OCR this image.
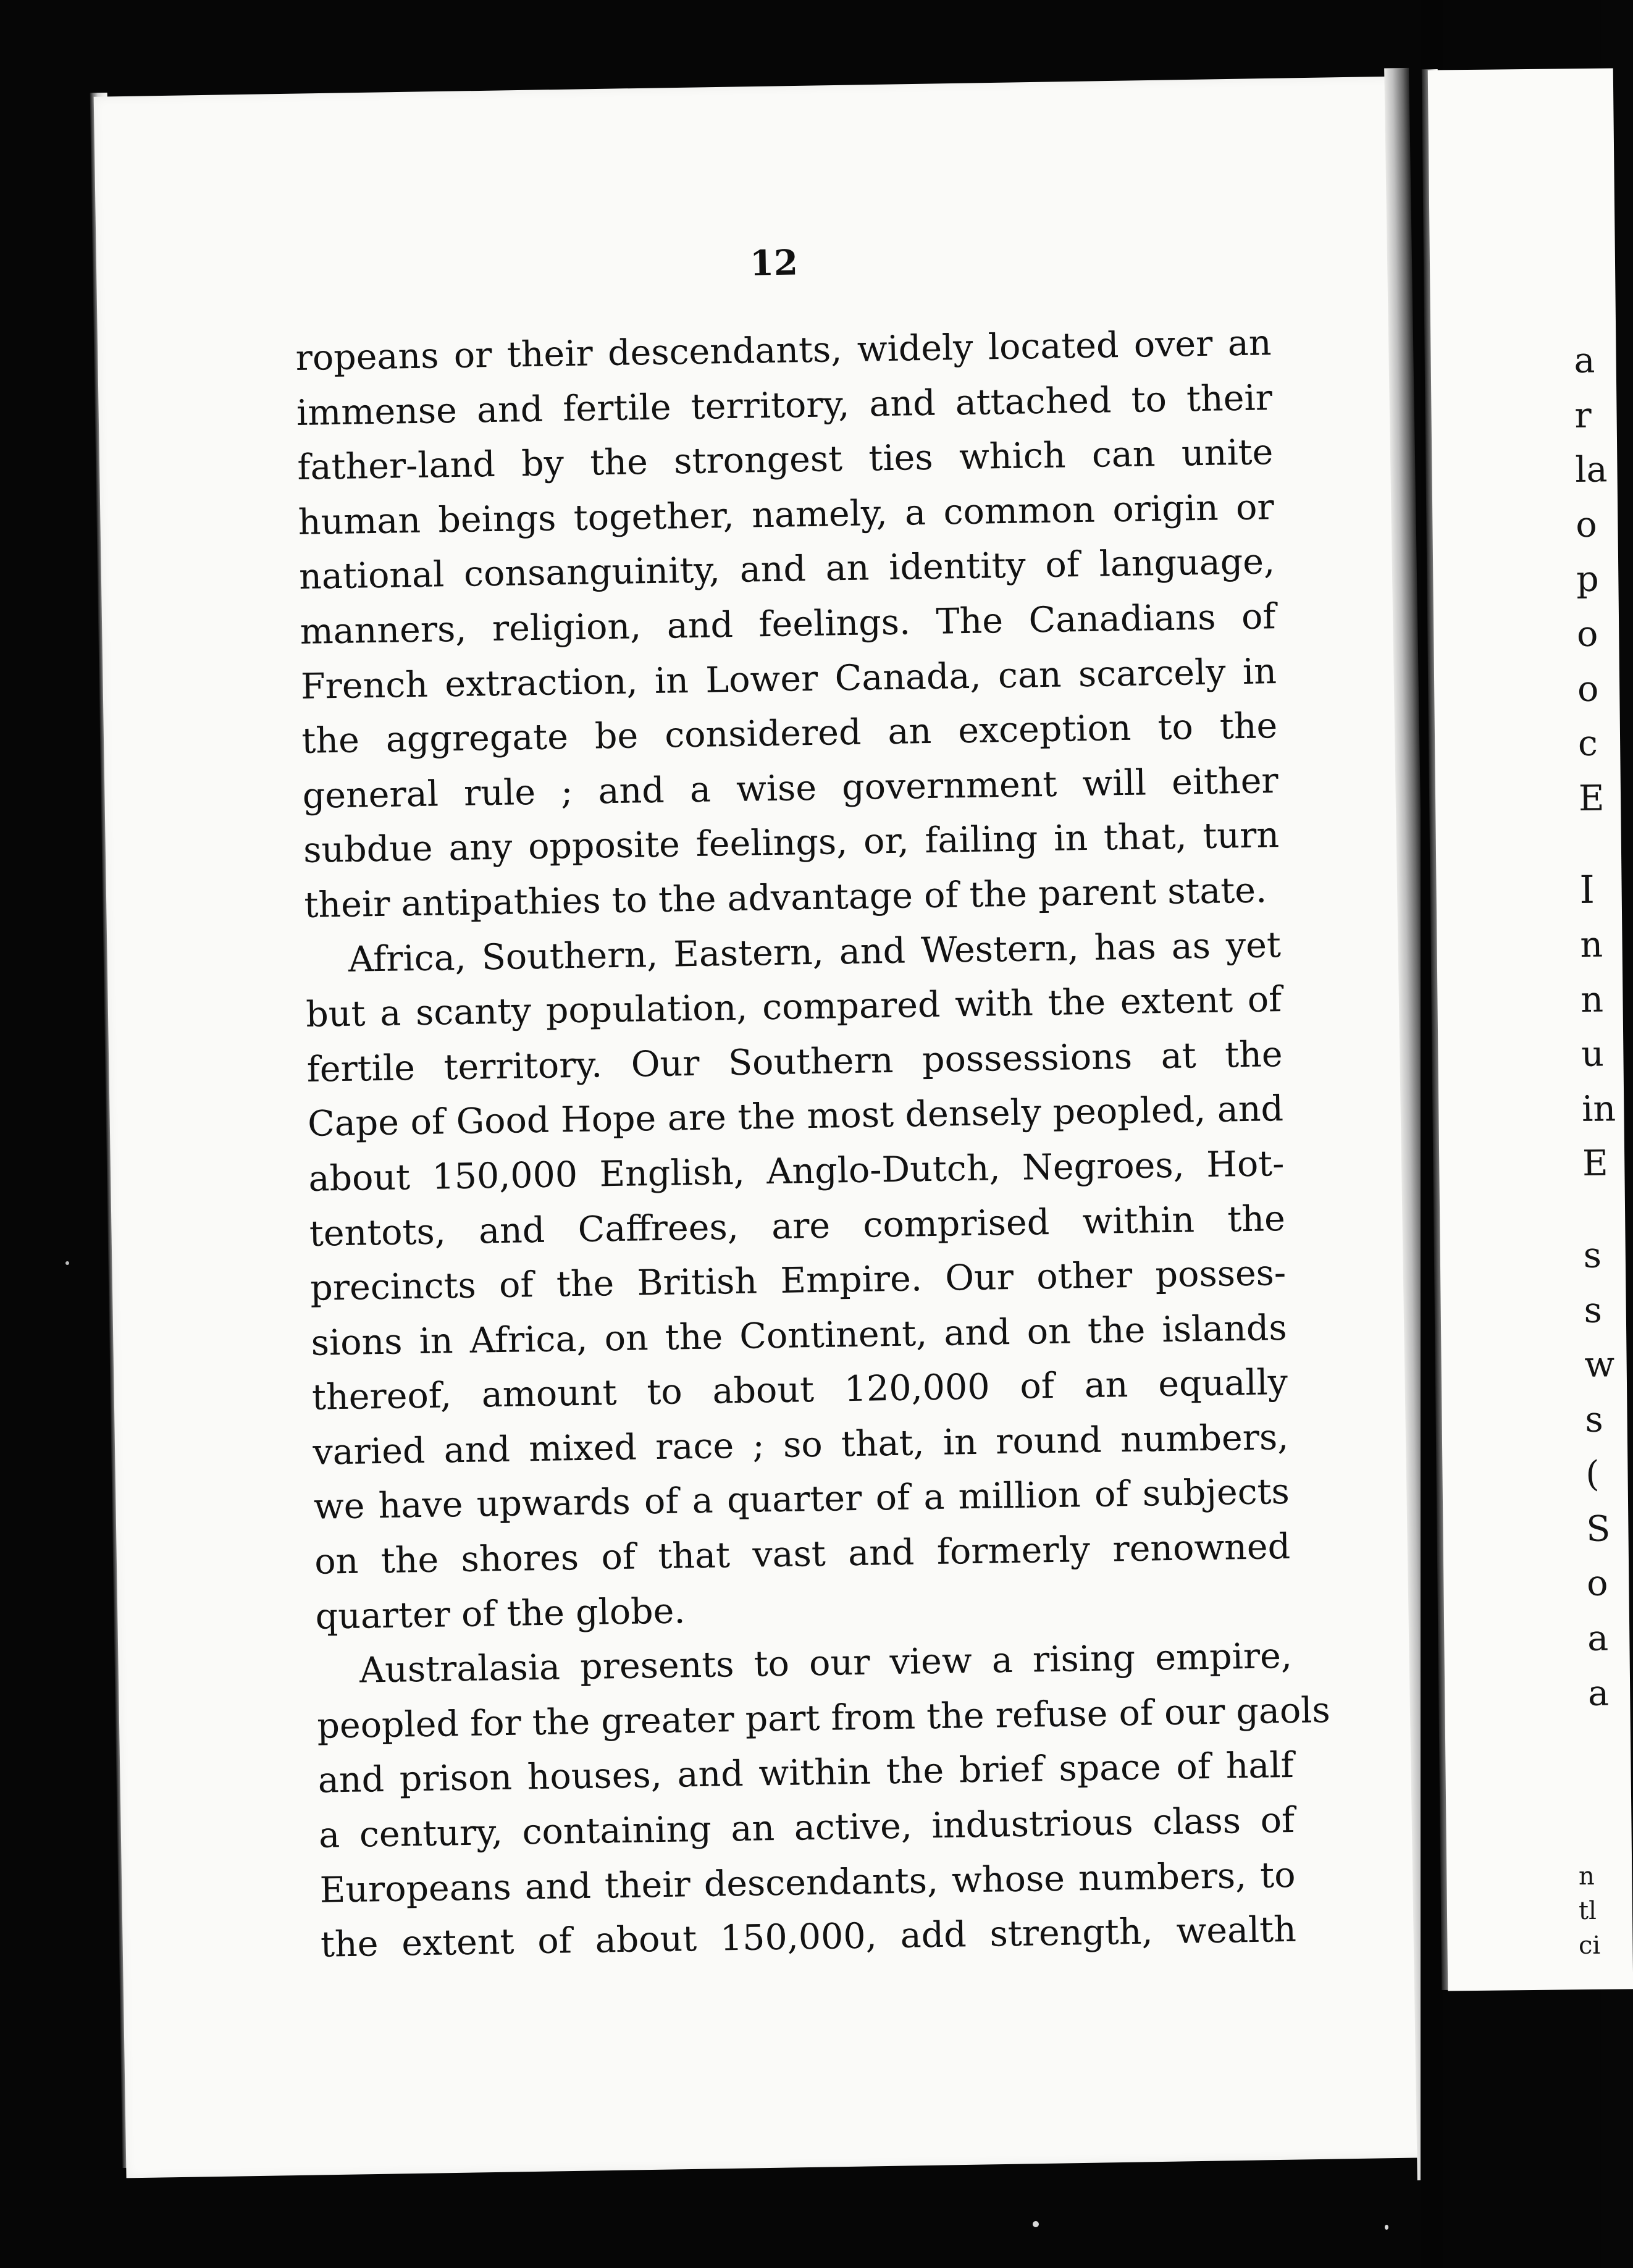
12
ropeans or their descendants, widely located over an
immense and fertile territory, and attached to their
father-land by the strongest ties which can unite
human beings together, namely, a common origin or
national consanguinity, and an identity of language,
manners, religion, and feelings. The Canadians of
French extraction, in Lower Canada, can scarcely in
the aggregate be considered an exception to the
general rule ; and a wise government will either
subdue any opposite feelings, or, failing in that, turn
their antipathies to the advantage of the parent state.
Africa, Southern, Eastern, and Western, has as yet
but a scanty population, compared with the extent of
fertile territory. Our Southern possessions at the
Cape of Good Hope are the most densely peopled, and
about 150,000 English, Anglo-Dutch, Negroes, Hot-
tentots, and Caffrees, are comprised within the
precincts of the British Empire. Our other posses-
sions in Africa, on the Continent, and on the islands
thereof, amount to about 120,000 of an equally
varied and mixed race ; so that, in round numbers,
we have upwards of a quarter of a million of subjects
on the shores of that vast and formerly renowned
quarter of the globe.
Australasia presents to our view a rising empire,
peopled for the greater part from the refuse of our gaols
and prison houses, and within the brief space of half
a century, containing an active, industrious class of
Europeans and their descendants, whose numbers, to
the extent of about 150,000, add strength, wealth
a
r
la
o
p
o
o
c
E
I
n
n
u
in
E
s
s
w
s
(
S
o
a
a
n
tl
ci
